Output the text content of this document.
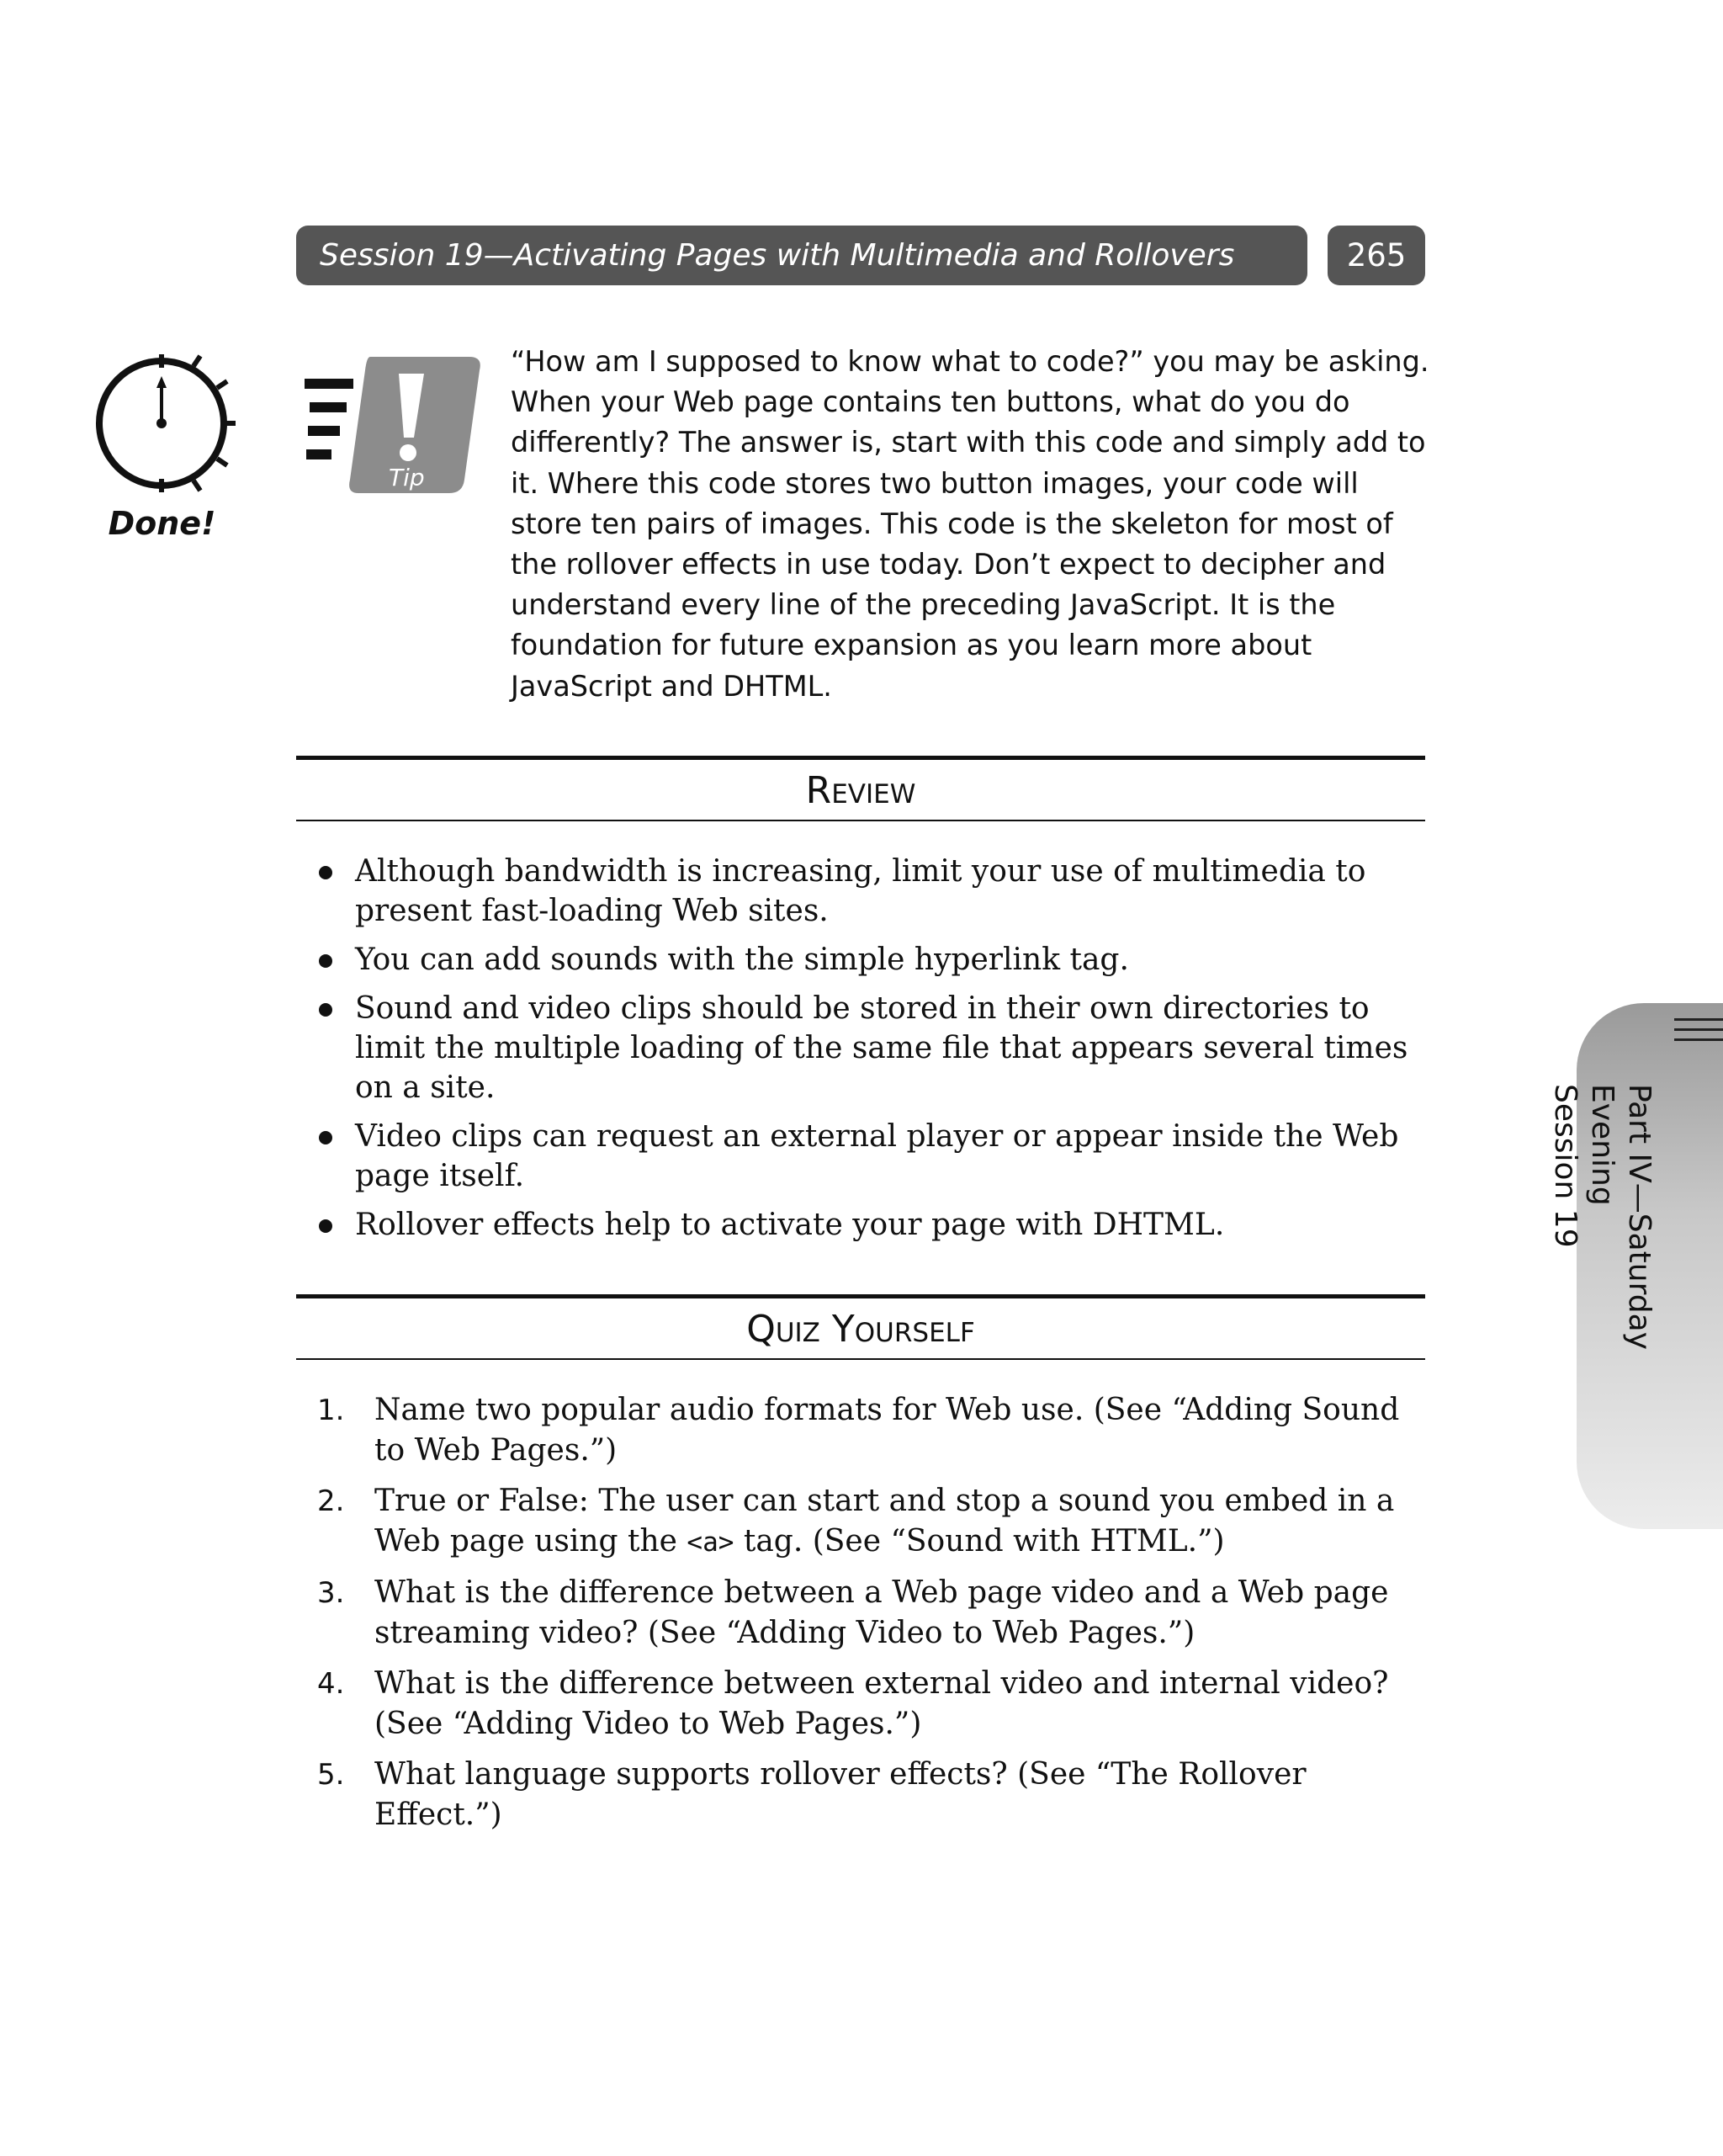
Session 19—Activating Pages with Multimedia and Rollovers	265
Done!
Tip

“How am I supposed to know what to code?” you may be asking. When your Web page contains ten buttons, what do you do differently? The answer is, start with this code and simply add to it. Where this code stores two button images, your code will store ten pairs of images. This code is the skeleton for most of the rollover effects in use today. Don’t expect to decipher and understand every line of the preceding JavaScript. It is the foundation for future expansion as you learn more about JavaScript and DHTML.

Review
Although bandwidth is increasing, limit your use of multimedia to present fast-loading Web sites.
You can add sounds with the simple hyperlink tag.
Sound and video clips should be stored in their own directories to limit the multiple loading of the same file that appears several times on a site.
Video clips can request an external player or appear inside the Web page itself.
Rollover effects help to activate your page with DHTML.
Quiz Yourself
1. Name two popular audio formats for Web use. (See “Adding Sound to Web Pages.”)
2. True or False: The user can start and stop a sound you embed in a Web page using the <a> tag. (See “Sound with HTML.”)
3. What is the difference between a Web page video and a Web page streaming video? (See “Adding Video to Web Pages.”)
4. What is the difference between external video and internal video? (See “Adding Video to Web Pages.”)
5. What language supports rollover effects? (See “The Rollover Effect.”)
Part IV—Saturday Evening
Session 19
